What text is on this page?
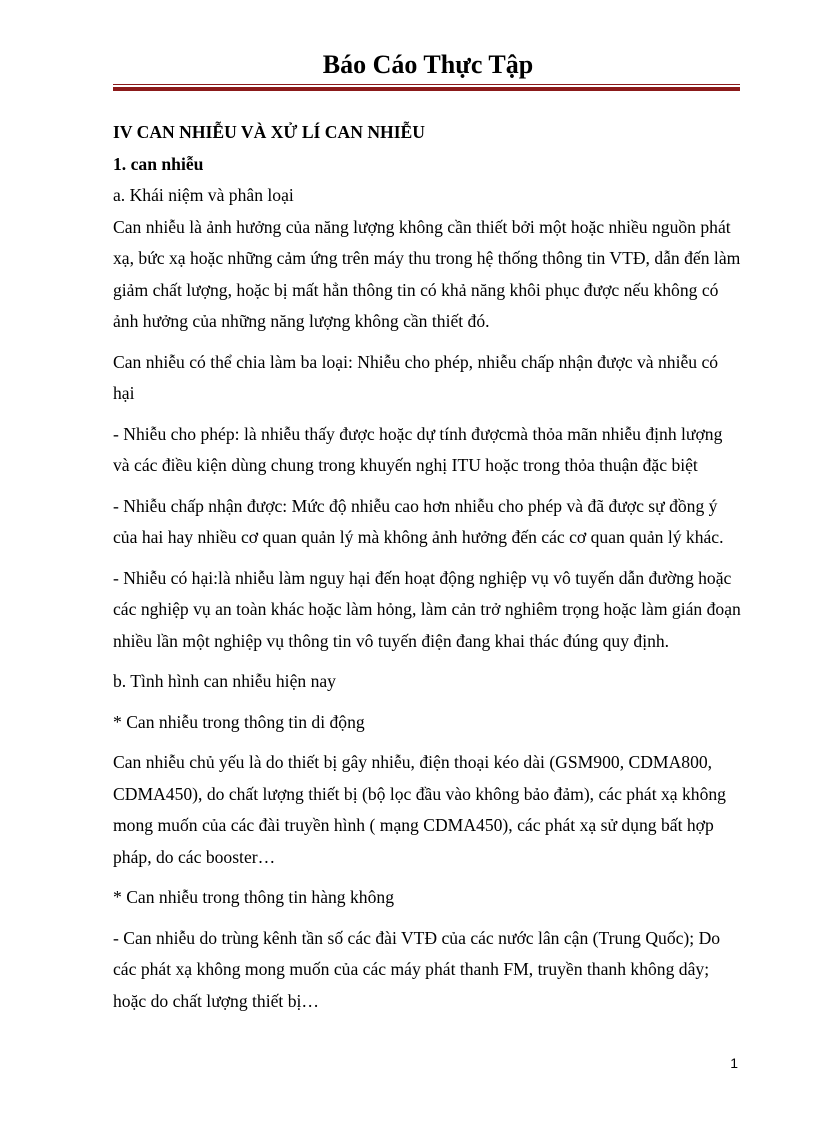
Báo Cáo Thực Tập

IV CAN NHIỄU VÀ XỬ LÍ CAN NHIỄU

1. can nhiễu

a. Khái niệm và phân loại

Can nhiễu là ảnh hưởng của năng lượng không cần thiết bởi một hoặc nhiều nguồn phát xạ, bức xạ hoặc những cảm ứng trên máy thu trong hệ thống thông tin VTĐ, dẫn đến làm giảm chất lượng, hoặc bị mất hẳn thông tin có khả năng khôi phục được nếu không có ảnh hưởng của những năng lượng không cần thiết đó.

Can nhiễu có thể chia làm ba loại: Nhiễu cho phép, nhiễu chấp nhận được và nhiễu có hại

- Nhiễu cho phép: là nhiễu thấy được hoặc dự tính đượcmà thỏa mãn nhiễu định lượng và các điều kiện dùng chung trong khuyến nghị ITU hoặc trong thỏa thuận đặc biệt

- Nhiễu chấp nhận được: Mức độ nhiễu cao hơn nhiễu cho phép và đã được sự đồng ý của hai hay nhiều cơ quan quản lý mà không ảnh hưởng đến các cơ quan quản lý khác.

- Nhiễu có hại:là nhiễu làm nguy hại đến hoạt động nghiệp vụ vô tuyến dẫn đường hoặc các nghiệp vụ an toàn khác hoặc làm hỏng, làm cản trở nghiêm trọng hoặc làm gián đoạn nhiều lần một nghiệp vụ thông tin vô tuyến điện đang khai thác đúng quy định.

b. Tình hình can nhiễu hiện nay

* Can nhiễu trong thông tin di động

Can nhiễu chủ yếu là do thiết bị gây nhiễu, điện thoại kéo dài (GSM900, CDMA800, CDMA450), do chất lượng thiết bị (bộ lọc đầu vào không bảo đảm), các phát xạ không mong muốn của các đài truyền hình ( mạng CDMA450), các phát xạ sử dụng bất hợp pháp, do các booster…

* Can nhiễu trong thông tin hàng không

- Can nhiễu do trùng kênh tần số các đài VTĐ của các nước lân cận (Trung Quốc); Do các phát xạ không mong muốn của các máy phát thanh FM, truyền thanh không dây; hoặc do chất lượng thiết bị…

1
